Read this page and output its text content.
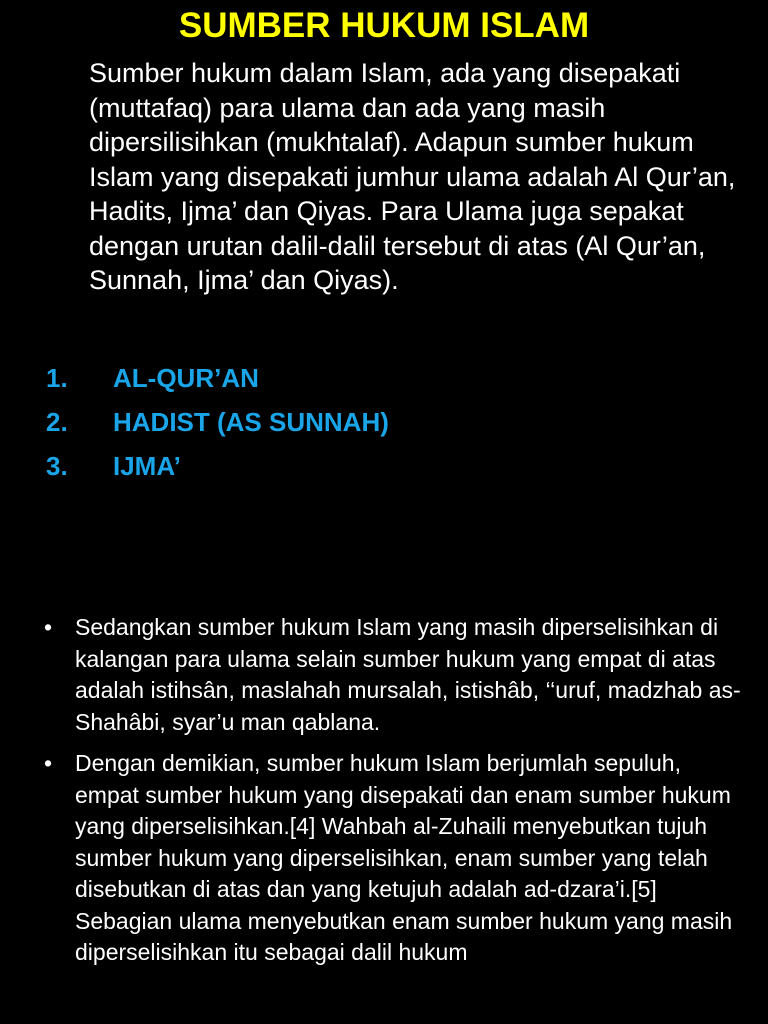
SUMBER HUKUM ISLAM

Sumber hukum dalam Islam, ada yang disepakati (muttafaq) para ulama dan ada yang masih dipersilisihkan (mukhtalaf). Adapun sumber hukum Islam yang disepakati jumhur ulama adalah Al Qur’an, Hadits, Ijma’ dan Qiyas. Para Ulama juga sepakat dengan urutan dalil-dalil tersebut di atas (Al Qur’an, Sunnah, Ijma’ dan Qiyas).

1.	AL-QUR’AN
2.	HADIST (AS SUNNAH)
3.	IJMA’
• Sedangkan sumber hukum Islam yang masih diperselisihkan di kalangan para ulama selain sumber hukum yang empat di atas adalah istihsân, maslahah mursalah, istishâb, ‘‘uruf, madzhab as-Shahâbi, syar’u man qablana.
• Dengan demikian, sumber hukum Islam berjumlah sepuluh, empat sumber hukum yang disepakati dan enam sumber hukum yang diperselisihkan.[4] Wahbah al-Zuhaili menyebutkan tujuh sumber hukum yang diperselisihkan, enam sumber yang telah disebutkan di atas dan yang ketujuh adalah ad-dzara’i.[5] Sebagian ulama menyebutkan enam sumber hukum yang masih diperselisihkan itu sebagai dalil hukum
